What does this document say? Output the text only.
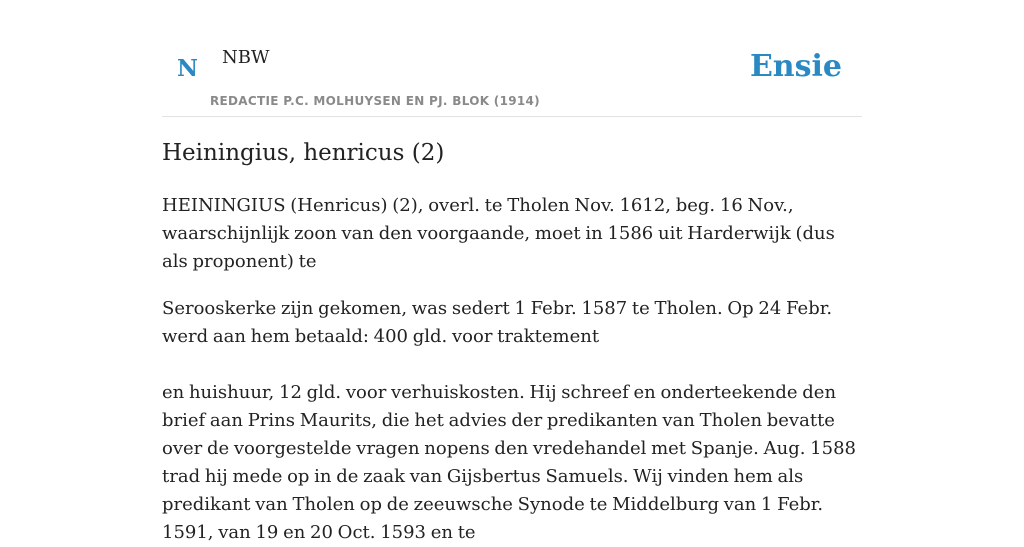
N NBW
REDACTIE P.C. MOLHUYSEN EN PJ. BLOK (1914)
Ensie
Heiningius, henricus (2)

HEININGIUS (Henricus) (2), overl. te Tholen Nov. 1612, beg. 16 Nov., waarschijnlijk zoon van den voorgaande, moet in 1586 uit Harderwijk (dus als proponent) te

Serooskerke zijn gekomen, was sedert 1 Febr. 1587 te Tholen. Op 24 Febr. werd aan hem betaald: 400 gld. voor traktement

en huishuur, 12 gld. voor verhuiskosten. Hij schreef en onderteekende den brief aan Prins Maurits, die het advies der predikanten van Tholen bevatte over de voorgestelde vragen nopens den vredehandel met Spanje. Aug. 1588 trad hij mede op in de zaak van Gijsbertus Samuels. Wij vinden hem als predikant van Tholen op de zeeuwsche Synode te Middelburg van 1 Febr. 1591, van 19 en 20 Oct. 1593 en te
